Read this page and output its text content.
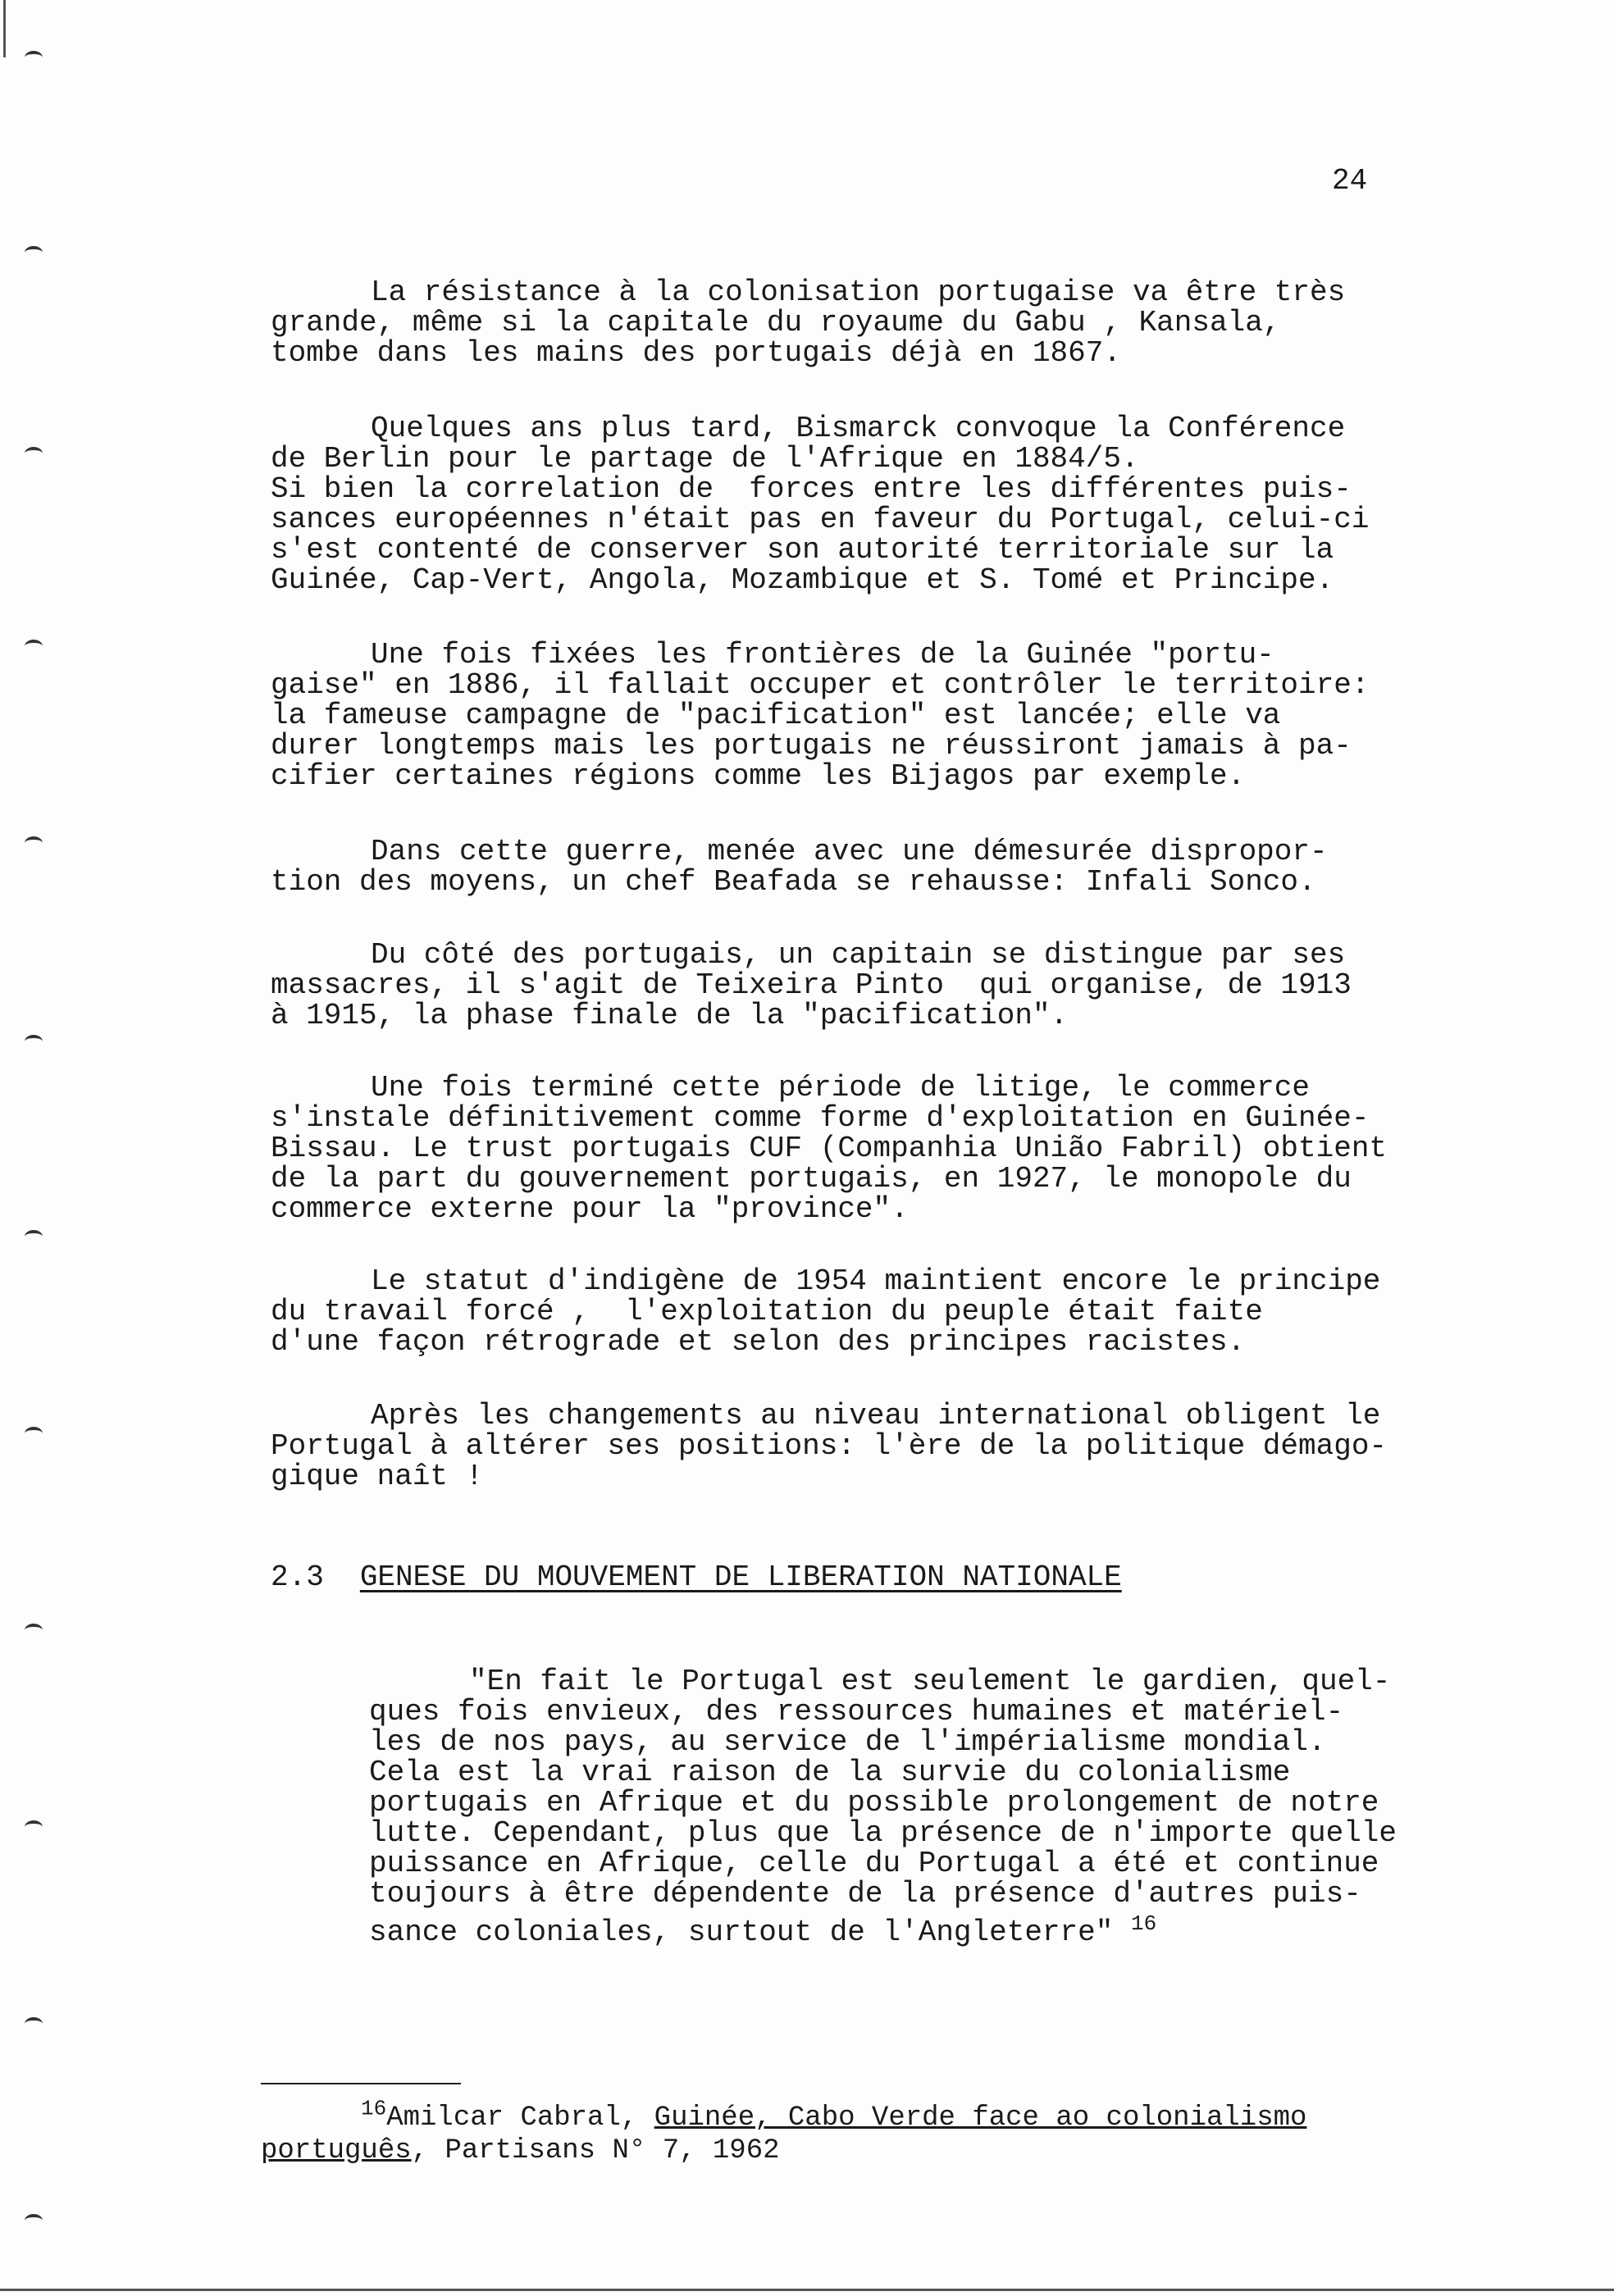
24
La résistance à la colonisation portugaise va être très
grande, même si la capitale du royaume du Gabu , Kansala,
tombe dans les mains des portugais déjà en 1867.
Quelques ans plus tard, Bismarck convoque la Conférence
de Berlin pour le partage de l'Afrique en 1884/5.
Si bien la correlation de  forces entre les différentes puis-
sances européennes n'était pas en faveur du Portugal, celui-ci
s'est contenté de conserver son autorité territoriale sur la
Guinée, Cap-Vert, Angola, Mozambique et S. Tomé et Principe.
Une fois fixées les frontières de la Guinée "portu-
gaise" en 1886, il fallait occuper et contrôler le territoire:
la fameuse campagne de "pacification" est lancée; elle va
durer longtemps mais les portugais ne réussiront jamais à pa-
cifier certaines régions comme les Bijagos par exemple.
Dans cette guerre, menée avec une démesurée dispropor-
tion des moyens, un chef Beafada se rehausse: Infali Sonco.
Du côté des portugais, un capitain se distingue par ses
massacres, il s'agit de Teixeira Pinto  qui organise, de 1913
à 1915, la phase finale de la "pacification".
Une fois terminé cette période de litige, le commerce
s'instale définitivement comme forme d'exploitation en Guinée-
Bissau. Le trust portugais CUF (Companhia União Fabril) obtient
de la part du gouvernement portugais, en 1927, le monopole du
commerce externe pour la "province".
Le statut d'indigène de 1954 maintient encore le principe
du travail forcé ,  l'exploitation du peuple était faite
d'une façon rétrograde et selon des principes racistes.
Après les changements au niveau international obligent le
Portugal à altérer ses positions: l'ère de la politique démago-
gique naît !
2.3 GENESE DU MOUVEMENT DE LIBERATION NATIONALE
"En fait le Portugal est seulement le gardien, quel-
ques fois envieux, des ressources humaines et matériel-
les de nos pays, au service de l'impérialisme mondial.
Cela est la vrai raison de la survie du colonialisme
portugais en Afrique et du possible prolongement de notre
lutte. Cependant, plus que la présence de n'importe quelle
puissance en Afrique, celle du Portugal a été et continue
toujours à être dépendente de la présence d'autres puis-
sance coloniales, surtout de l'Angleterre" $^{16}$
$^{16}$Amilcar Cabral, Guinée, Cabo Verde face ao colonialismo
português, Partisans N° 7, 1962
